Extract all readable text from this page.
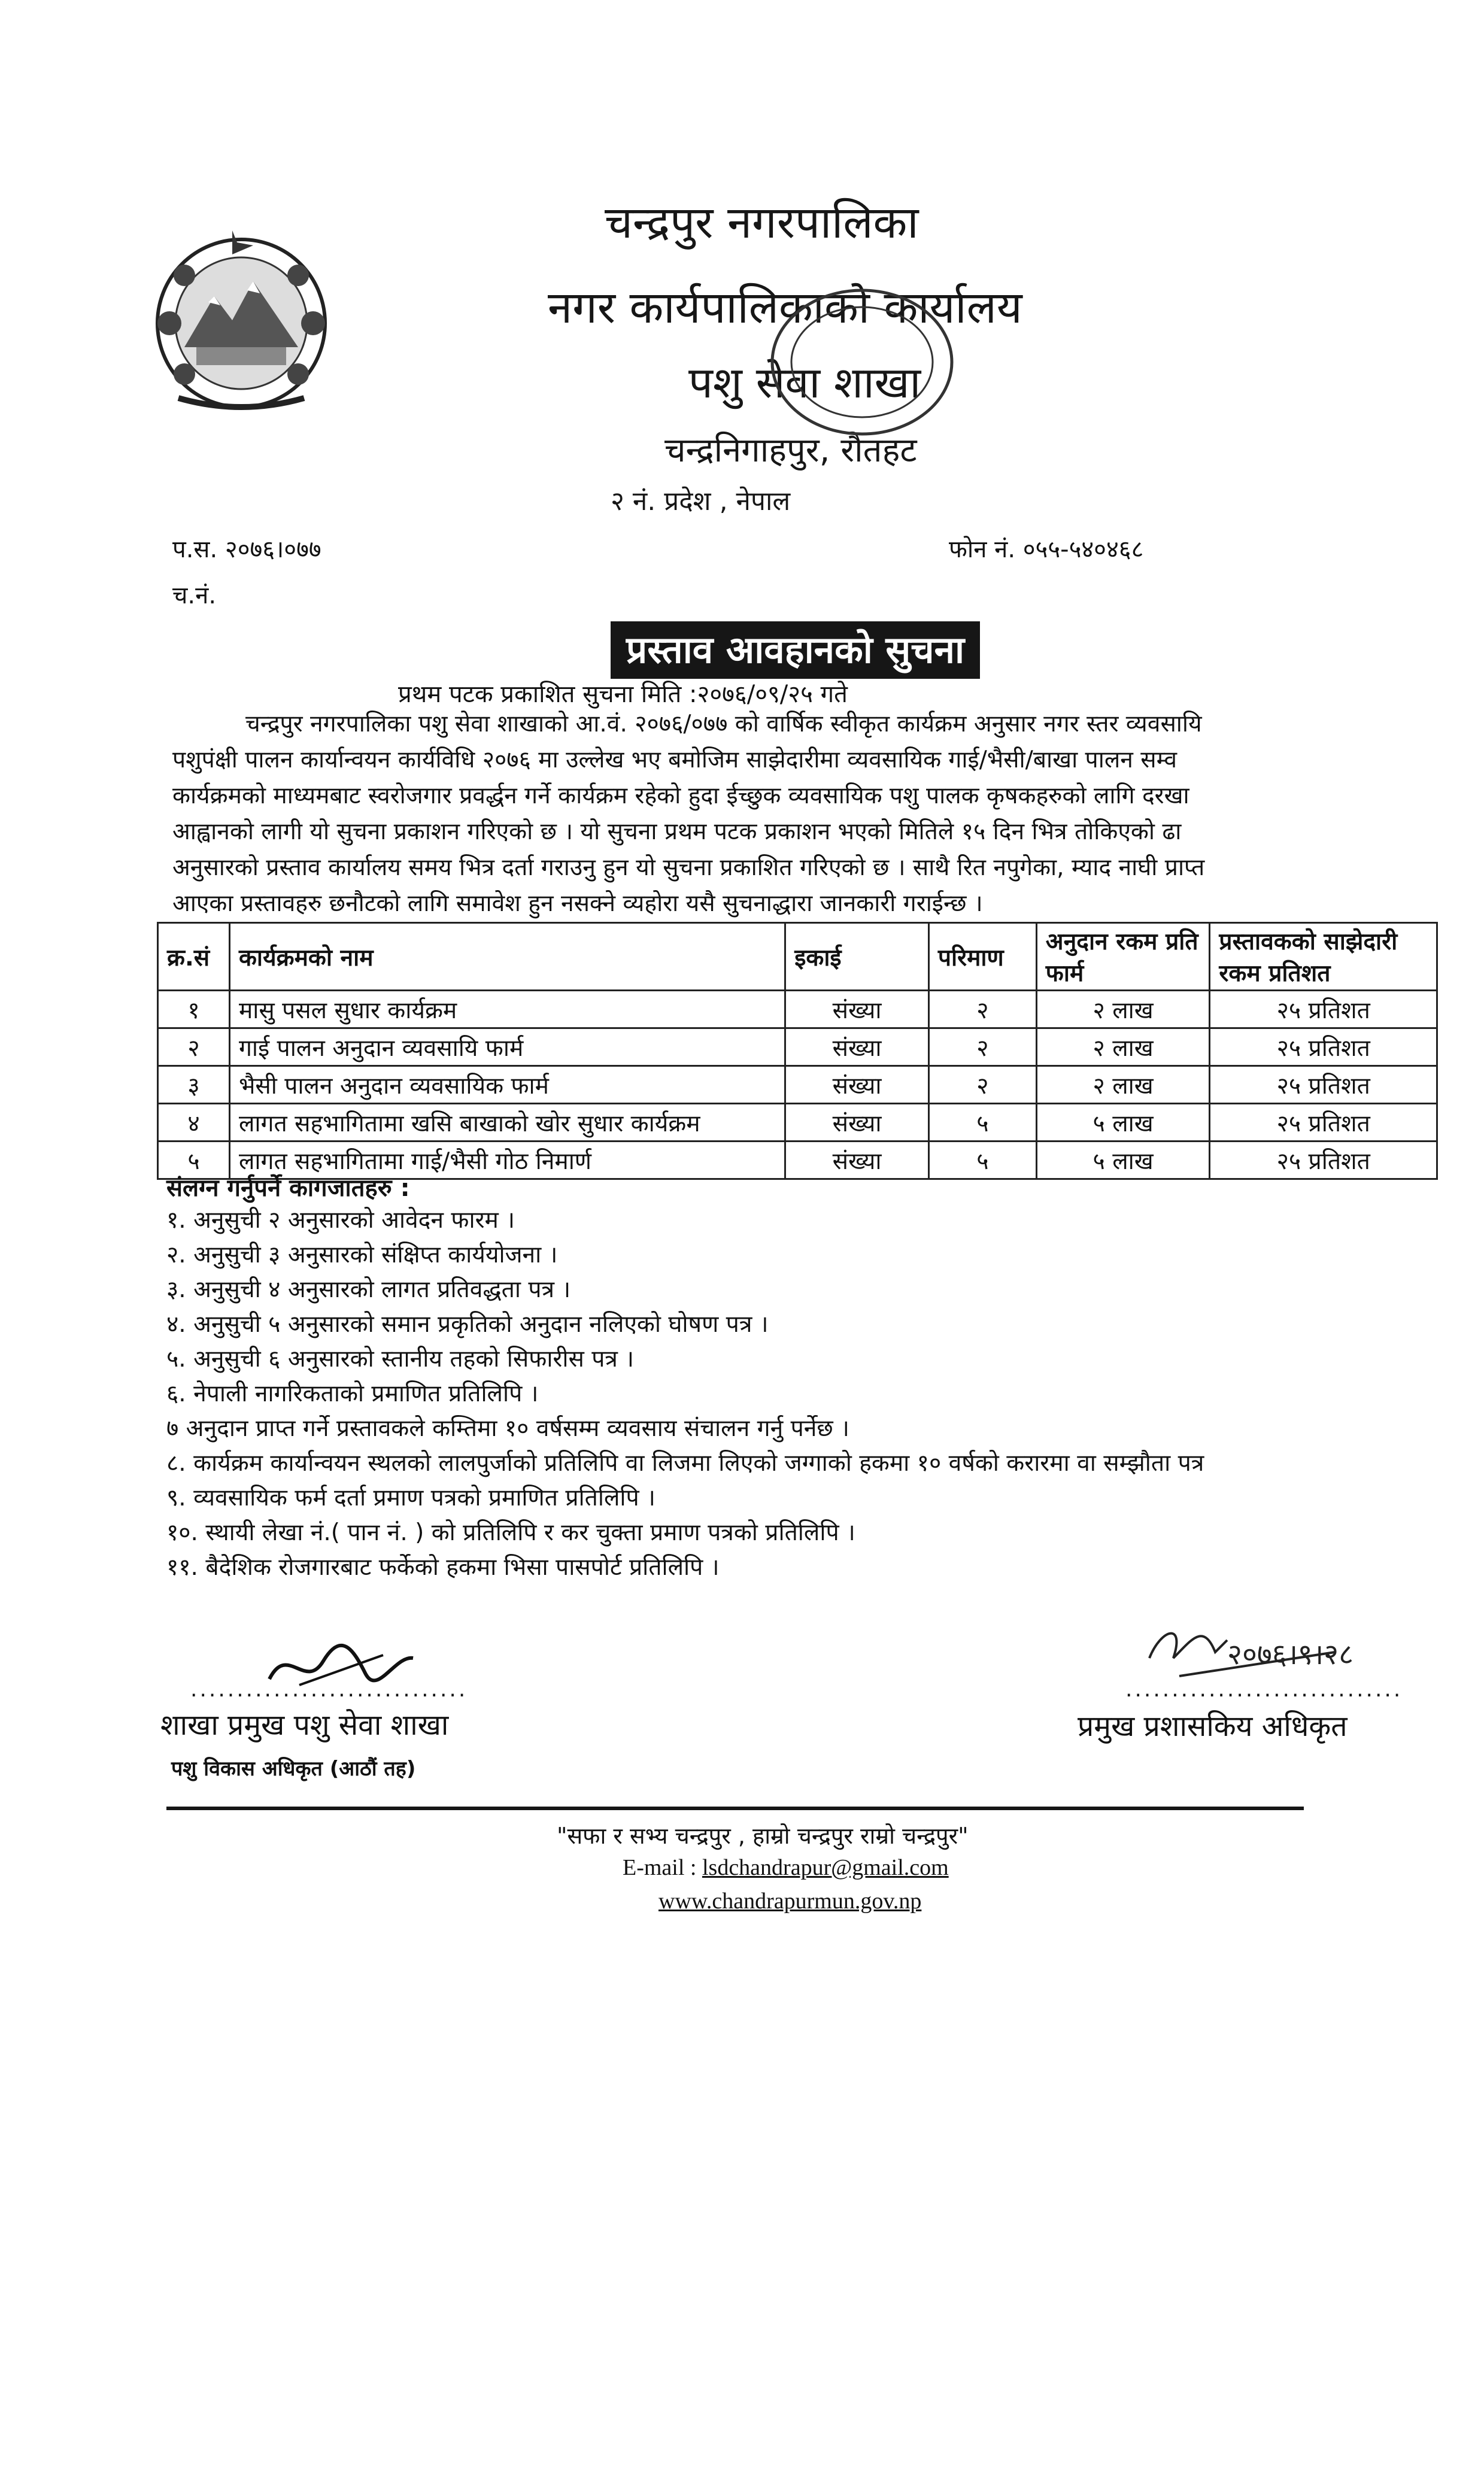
चन्द्रपुर नगरपालिका
नगर कार्यपालिकाको कार्यालय
पशु सेवा शाखा
चन्द्रनिगाहपुर, रौतहट
२ नं. प्रदेश , नेपाल
प.स. २०७६।०७७
च.नं.
फोन नं. ०५५-५४०४६८
प्रस्ताव आवहानको सुचना
प्रथम पटक प्रकाशित सुचना मिति :२०७६/०९/२५ गते
चन्द्रपुर नगरपालिका पशु सेवा शाखाको आ.वं. २०७६/०७७ को वार्षिक स्वीकृत कार्यक्रम अनुसार नगर स्तर व्यवसायि
पशुपंक्षी पालन कार्यान्वयन कार्यविधि २०७६ मा उल्लेख भए बमोजिम साझेदारीमा व्यवसायिक गाई/भैसी/बाखा पालन सम्व
कार्यक्रमको माध्यमबाट स्वरोजगार प्रवर्द्धन गर्ने कार्यक्रम रहेको हुदा ईच्छुक व्यवसायिक पशु पालक कृषकहरुको लागि दरखा
आह्वानको लागी यो सुचना प्रकाशन गरिएको छ । यो सुचना प्रथम पटक प्रकाशन भएको मितिले १५ दिन भित्र तोकिएको ढा
अनुसारको प्रस्ताव कार्यालय समय भित्र दर्ता गराउनु हुन यो सुचना प्रकाशित गरिएको छ । साथै रित नपुगेका, म्याद नाघी प्राप्त
आएका प्रस्तावहरु छनौटको लागि समावेश हुन नसक्ने व्यहोरा यसै सुचनाद्धारा जानकारी गराईन्छ ।
क्र.सं	कार्यक्रमको नाम	इकाई	परिमाण	अनुदान रकम प्रति फार्म	प्रस्तावकको साझेदारी रकम प्रतिशत
१	मासु पसल सुधार कार्यक्रम	संख्या	२	२ लाख	२५ प्रतिशत
२	गाई पालन अनुदान व्यवसायि फार्म	संख्या	२	२ लाख	२५ प्रतिशत
३	भैसी पालन अनुदान व्यवसायिक फार्म	संख्या	२	२ लाख	२५ प्रतिशत
४	लागत सहभागितामा खसि बाखाको खोर सुधार कार्यक्रम	संख्या	५	५ लाख	२५ प्रतिशत
५	लागत सहभागितामा गाई/भैसी गोठ निमार्ण	संख्या	५	५ लाख	२५ प्रतिशत
संलग्न गर्नुपर्ने कागजातहरु :
१. अनुसुची २ अनुसारको आवेदन फारम ।
२. अनुसुची ३ अनुसारको संक्षिप्त कार्ययोजना ।
३. अनुसुची ४ अनुसारको लागत प्रतिवद्धता पत्र ।
४. अनुसुची ५ अनुसारको समान प्रकृतिको अनुदान नलिएको घोषण पत्र ।
५. अनुसुची ६ अनुसारको स्तानीय तहको सिफारीस पत्र ।
६. नेपाली नागरिकताको प्रमाणित प्रतिलिपि ।
७ अनुदान प्राप्त गर्ने प्रस्तावकले कम्तिमा १० वर्षसम्म व्यवसाय संचालन गर्नु पर्नेछ ।
८. कार्यक्रम कार्यान्वयन स्थलको लालपुर्जाको प्रतिलिपि वा लिजमा लिएको जग्गाको हकमा १० वर्षको करारमा वा सम्झौता पत्र
९. व्यवसायिक फर्म दर्ता प्रमाण पत्रको प्रमाणित प्रतिलिपि ।
१०. स्थायी लेखा नं.( पान नं. ) को प्रतिलिपि र कर चुक्ता प्रमाण पत्रको प्रतिलिपि ।
११. बैदेशिक रोजगारबाट फर्केको हकमा भिसा पासपोर्ट प्रतिलिपि ।
..............................
शाखा प्रमुख पशु सेवा शाखा
पशु विकास अधिकृत (आठौं तह)
२०७६।९।२८
..............................
प्रमुख प्रशासकिय अधिकृत
"सफा र सभ्य चन्द्रपुर , हाम्रो चन्द्रपुर राम्रो चन्द्रपुर"
E-mail : lsdchandrapur@gmail.com
www.chandrapurmun.gov.np
